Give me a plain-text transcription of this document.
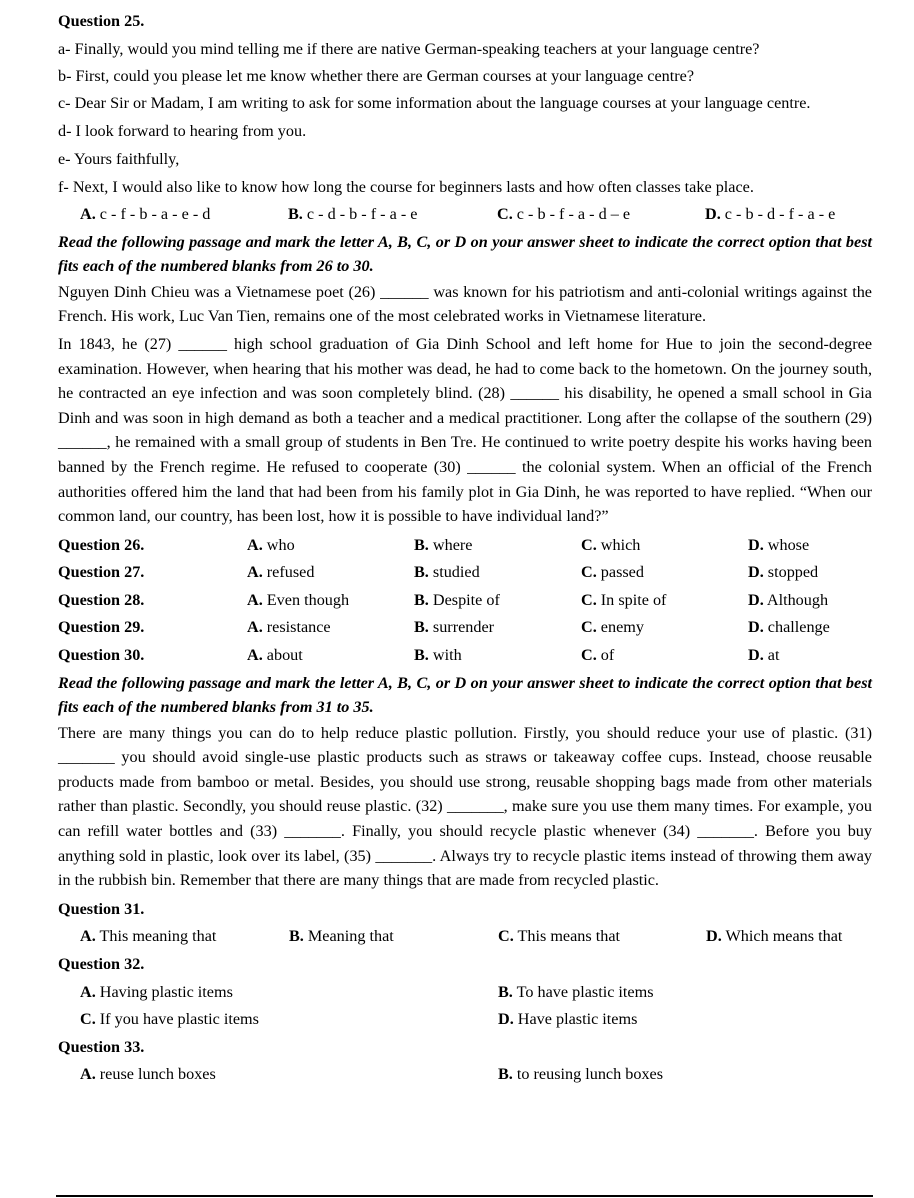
Question 25.
a- Finally, would you mind telling me if there are native German-speaking teachers at your language centre?
b- First, could you please let me know whether there are German courses at your language centre?
c- Dear Sir or Madam, I am writing to ask for some information about the language courses at your language centre.
d- I look forward to hearing from you.
e- Yours faithfully,
f- Next, I would also like to know how long the course for beginners lasts and how often classes take place.
A. c - f - b - a - e - d	B. c - d - b - f - a - e	C. c - b - f - a - d – e	D. c - b - d - f - a - e
Read the following passage and mark the letter A, B, C, or D on your answer sheet to indicate the correct option that best fits each of the numbered blanks from 26 to 30.
Nguyen Dinh Chieu was a Vietnamese poet (26) ______ was known for his patriotism and anti-colonial writings against the French. His work, Luc Van Tien, remains one of the most celebrated works in Vietnamese literature.
In 1843, he (27) ______ high school graduation of Gia Dinh School and left home for Hue to join the second-degree examination. However, when hearing that his mother was dead, he had to come back to the hometown. On the journey south, he contracted an eye infection and was soon completely blind. (28) ______ his disability, he opened a small school in Gia Dinh and was soon in high demand as both a teacher and a medical practitioner. Long after the collapse of the southern (29) ______, he remained with a small group of students in Ben Tre. He continued to write poetry despite his works having been banned by the French regime. He refused to cooperate (30) ______ the colonial system. When an official of the French authorities offered him the land that had been from his family plot in Gia Dinh, he was reported to have replied. “When our common land, our country, has been lost, how it is possible to have individual land?”
Question 26.	A. who	B. where	C. which	D. whose
Question 27.	A. refused	B. studied	C. passed	D. stopped
Question 28.	A. Even though	B. Despite of	C. In spite of	D. Although
Question 29.	A. resistance	B. surrender	C. enemy	D. challenge
Question 30.	A. about	B. with	C. of	D. at
Read the following passage and mark the letter A, B, C, or D on your answer sheet to indicate the correct option that best fits each of the numbered blanks from 31 to 35.
There are many things you can do to help reduce plastic pollution. Firstly, you should reduce your use of plastic. (31) _______ you should avoid single-use plastic products such as straws or takeaway coffee cups. Instead, choose reusable products made from bamboo or metal. Besides, you should use strong, reusable shopping bags made from other materials rather than plastic. Secondly, you should reuse plastic. (32) _______, make sure you use them many times. For example, you can refill water bottles and (33) _______. Finally, you should recycle plastic whenever (34) _______. Before you buy anything sold in plastic, look over its label, (35) _______. Always try to recycle plastic items instead of throwing them away in the rubbish bin. Remember that there are many things that are made from recycled plastic.
Question 31.
A. This meaning that	B. Meaning that	C. This means that	D. Which means that
Question 32.
A. Having plastic items	B. To have plastic items
C. If you have plastic items	D. Have plastic items
Question 33.
A. reuse lunch boxes	B. to reusing lunch boxes
